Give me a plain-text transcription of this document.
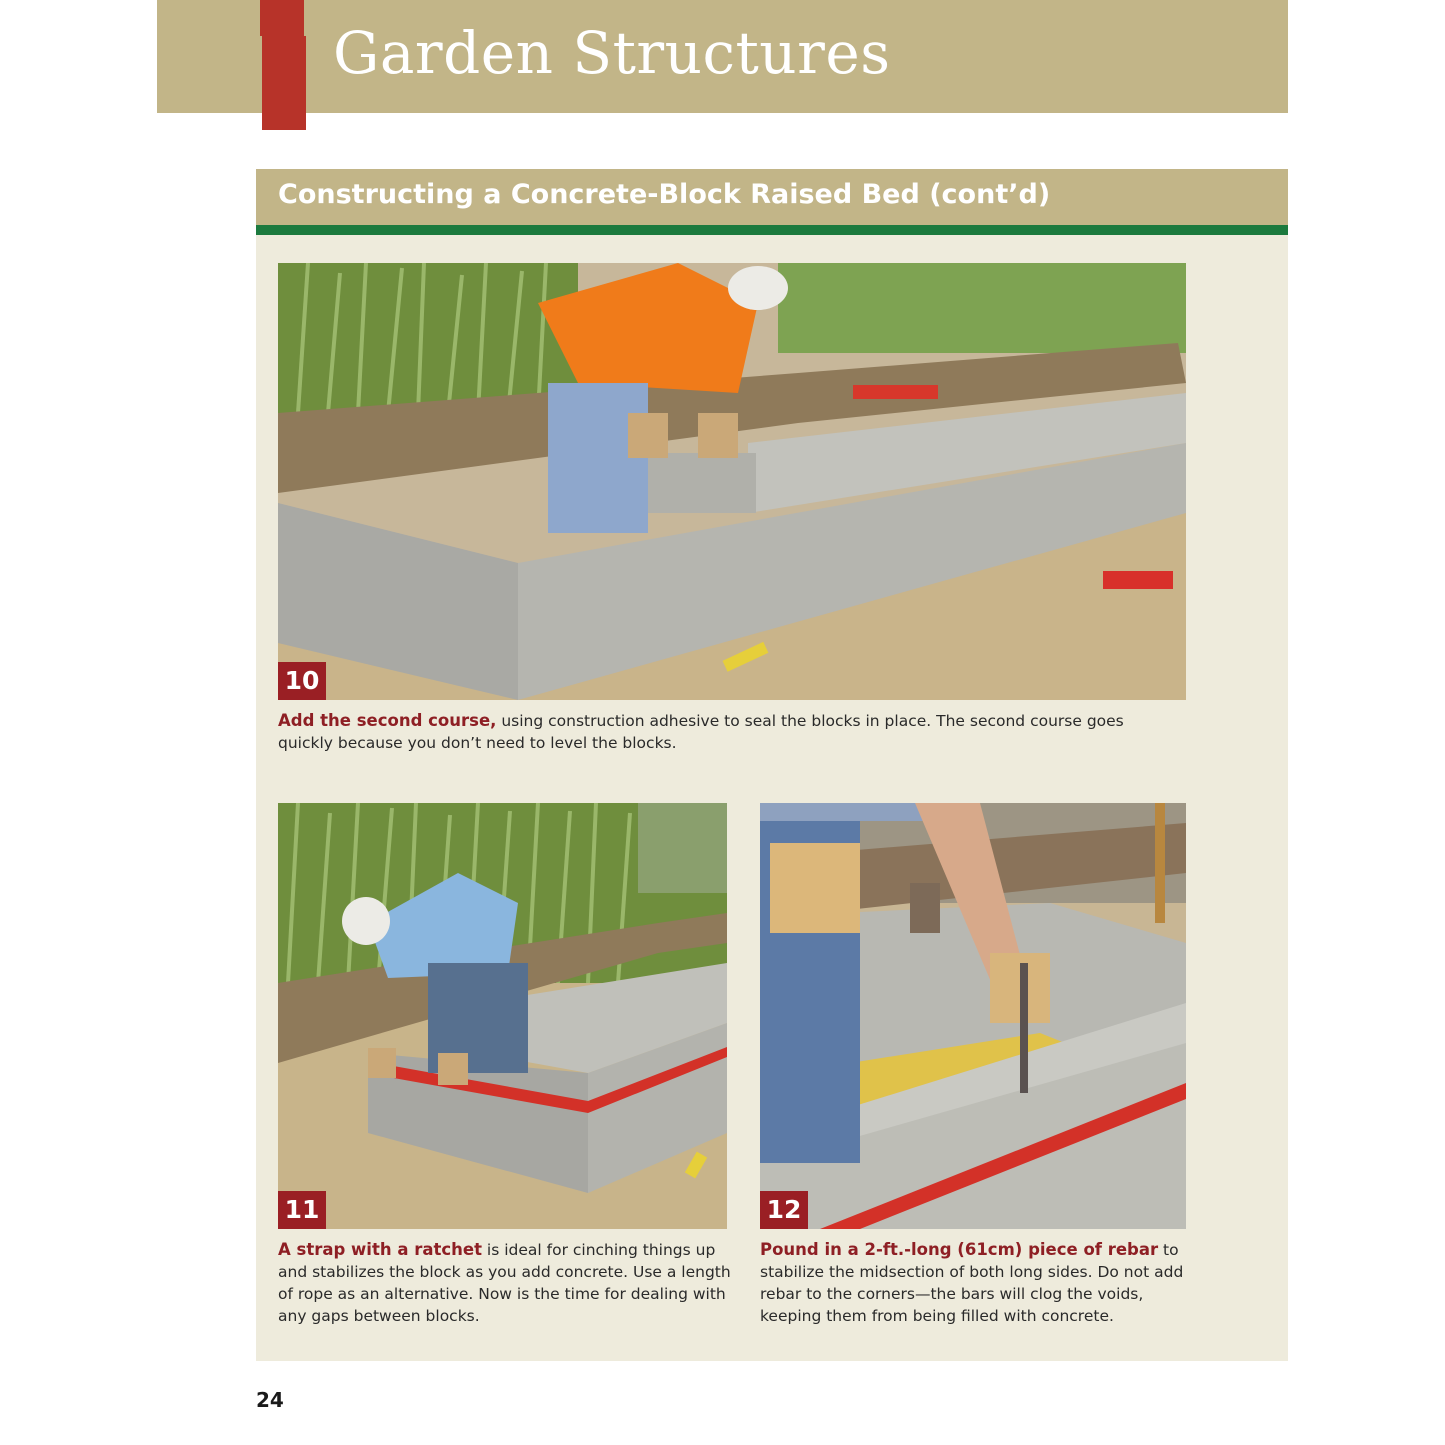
Garden Structures
Constructing a Concrete-Block Raised Bed (cont’d)
10
Add the second course, using construction adhesive to seal the blocks in place. The second course goes quickly because you don’t need to level the blocks.
11
A strap with a ratchet is ideal for cinching things up and stabilizes the block as you add concrete. Use a length of rope as an alternative. Now is the time for dealing with any gaps between blocks.
12
Pound in a 2-ft.-long (61cm) piece of rebar to stabilize the midsection of both long sides. Do not add rebar to the corners—the bars will clog the voids, keeping them from being filled with concrete.
24
